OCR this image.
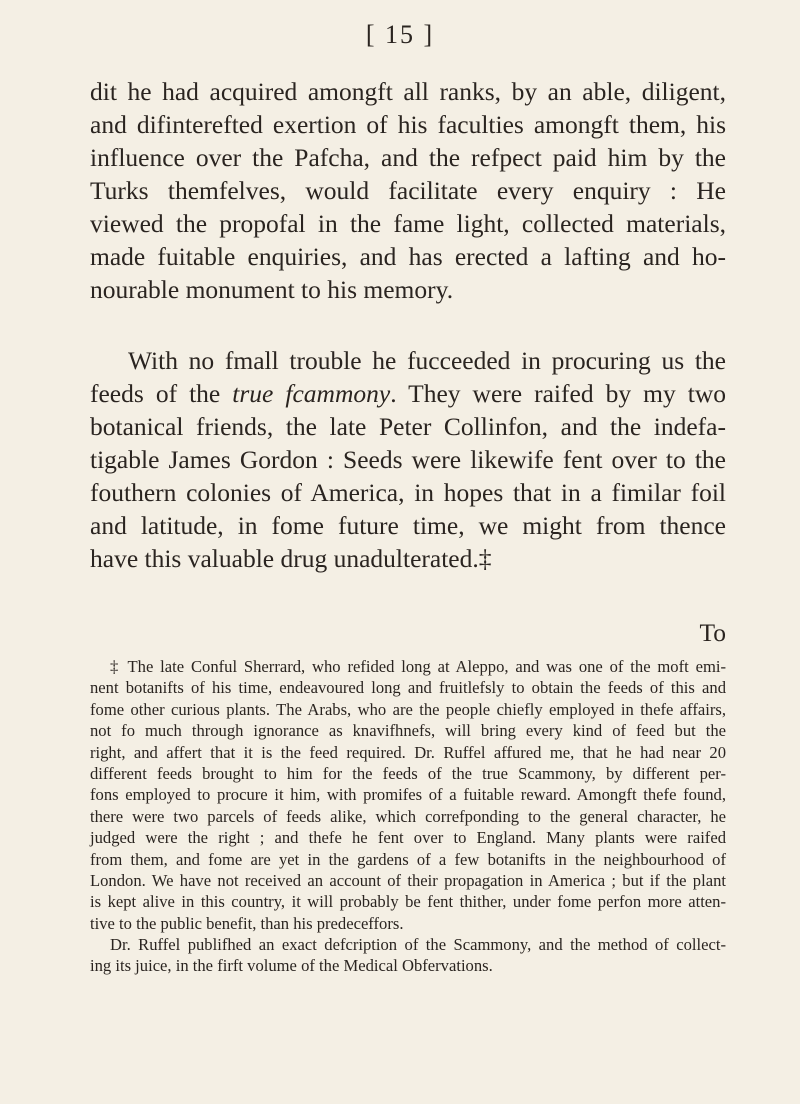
[ 15 ]
dit he had acquired amongft all ranks, by an able, diligent,
and difinterefted exertion of his faculties amongft them, his
influence over the Pafcha, and the refpect paid him by the
Turks themfelves, would facilitate every enquiry : He
viewed the propofal in the fame light, collected materials,
made fuitable enquiries, and has erected a lafting and ho-
nourable monument to his memory.
With no fmall trouble he fucceeded in procuring us the
feeds of the true fcammony. They were raifed by my two
botanical friends, the late Peter Collinfon, and the indefa-
tigable James Gordon : Seeds were likewife fent over to the
fouthern colonies of America, in hopes that in a fimilar foil
and latitude, in fome future time, we might from thence
have this valuable drug unadulterated.‡
To
‡ The late Conful Sherrard, who refided long at Aleppo, and was one of the moft emi-
nent botanifts of his time, endeavoured long and fruitlefsly to obtain the feeds of this and
fome other curious plants. The Arabs, who are the people chiefly employed in thefe affairs,
not fo much through ignorance as knavifhnefs, will bring every kind of feed but the
right, and affert that it is the feed required. Dr. Ruffel affured me, that he had near 20
different feeds brought to him for the feeds of the true Scammony, by different per-
fons employed to procure it him, with promifes of a fuitable reward. Amongft thefe found,
there were two parcels of feeds alike, which correfponding to the general character, he
judged were the right ; and thefe he fent over to England. Many plants were raifed
from them, and fome are yet in the gardens of a few botanifts in the neighbourhood of
London. We have not received an account of their propagation in America ; but if the plant
is kept alive in this country, it will probably be fent thither, under fome perfon more atten-
tive to the public benefit, than his predeceffors.
Dr. Ruffel publifhed an exact defcription of the Scammony, and the method of collect-
ing its juice, in the firft volume of the Medical Obfervations.
